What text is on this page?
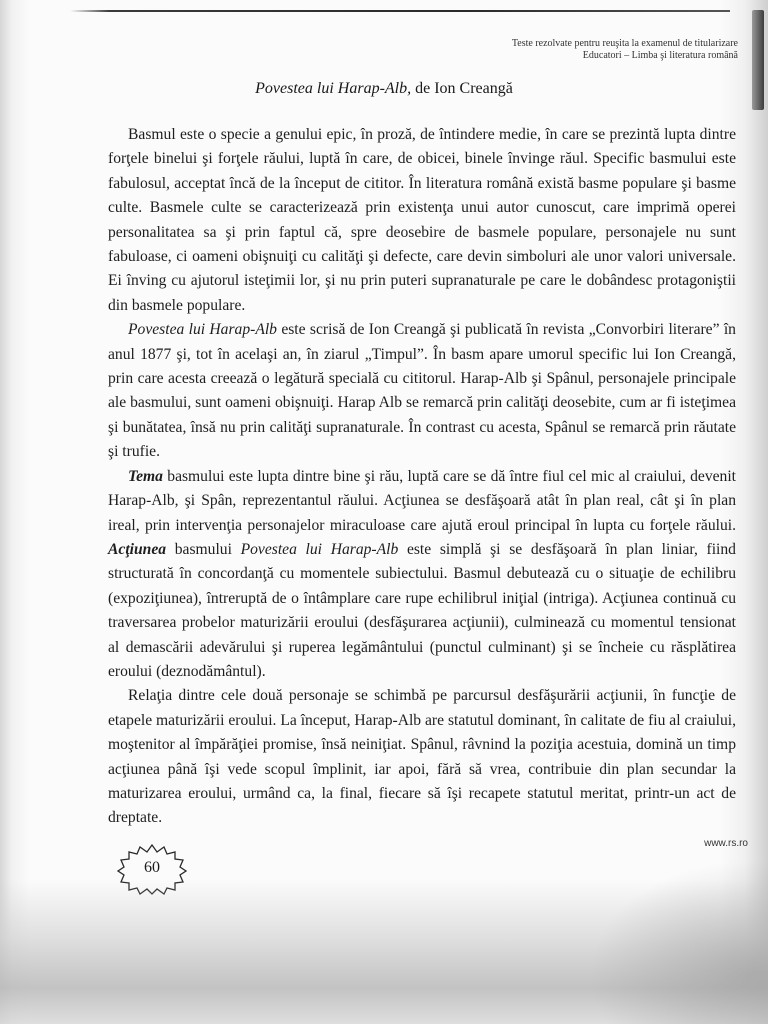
Teste rezolvate pentru reuşita la examenul de titularizare
Educatori – Limba şi literatura română
Povestea lui Harap-Alb, de Ion Creangă

Basmul este o specie a genului epic, în proză, de întindere medie, în care se prezintă lupta dintre forţele binelui şi forţele răului, luptă în care, de obicei, binele învinge răul. Specific basmului este fabulosul, acceptat încă de la început de cititor. În literatura română există basme populare şi basme culte. Basmele culte se caracterizează prin existenţa unui autor cunoscut, care imprimă operei personalitatea sa şi prin faptul că, spre deosebire de basmele populare, personajele nu sunt fabuloase, ci oameni obişnuiţi cu calităţi şi defecte, care devin simboluri ale unor valori universale. Ei înving cu ajutorul isteţimii lor, şi nu prin puteri supranaturale pe care le dobândesc protagoniştii din basmele populare.

Povestea lui Harap-Alb este scrisă de Ion Creangă şi publicată în revista „Convorbiri literare” în anul 1877 şi, tot în acelaşi an, în ziarul „Timpul”. În basm apare umorul specific lui Ion Creangă, prin care acesta creează o legătură specială cu cititorul. Harap-Alb şi Spânul, personajele principale ale basmului, sunt oameni obişnuiţi. Harap Alb se remarcă prin calităţi deosebite, cum ar fi isteţimea şi bunătatea, însă nu prin calităţi supranaturale. În contrast cu acesta, Spânul se remarcă prin răutate şi trufie.

Tema basmului este lupta dintre bine şi rău, luptă care se dă între fiul cel mic al craiului, devenit Harap-Alb, şi Spân, reprezentantul răului. Acţiunea se desfăşoară atât în plan real, cât şi în plan ireal, prin intervenţia personajelor miraculoase care ajută eroul principal în lupta cu forţele răului. Acţiunea basmului Povestea lui Harap-Alb este simplă şi se desfăşoară în plan liniar, fiind structurată în concordanţă cu momentele subiectului. Basmul debutează cu o situaţie de echilibru (expoziţiunea), întreruptă de o întâmplare care rupe echilibrul iniţial (intriga). Acţiunea continuă cu traversarea probelor maturizării eroului (desfăşurarea acţiunii), culminează cu momentul tensionat al demascării adevărului şi ruperea legământului (punctul culminant) şi se încheie cu răsplătirea eroului (deznodământul).

Relaţia dintre cele două personaje se schimbă pe parcursul desfăşurării acţiunii, în funcţie de etapele maturizării eroului. La început, Harap-Alb are statutul dominant, în calitate de fiu al craiului, moştenitor al împărăţiei promise, însă neiniţiat. Spânul, râvnind la poziţia acestuia, domină un timp acţiunea până îşi vede scopul împlinit, iar apoi, fără să vrea, contribuie din plan secundar la maturizarea eroului, urmând ca, la final, fiecare să îşi recapete statutul meritat, printr-un act de dreptate.

www.rs.ro
60
